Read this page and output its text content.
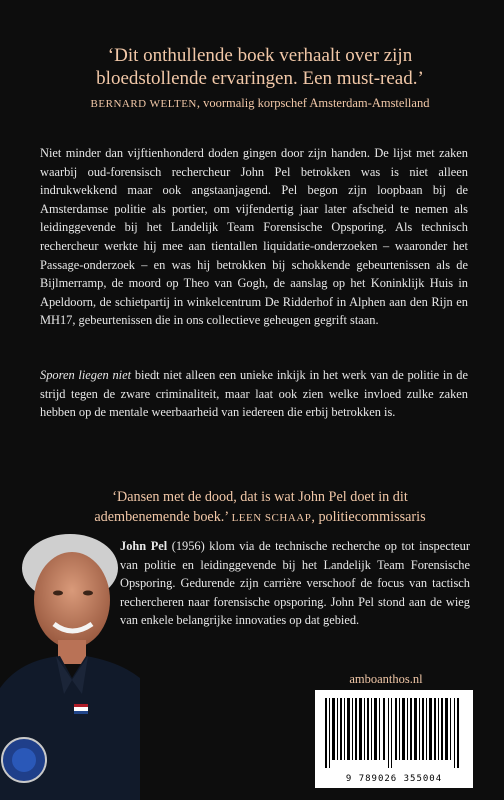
‘Dit onthullende boek verhaalt over zijn
bloedstollende ervaringen. Een must-read.’
BERNARD WELTEN, voormalig korpschef Amsterdam-Amstelland
Niet minder dan vijftienhonderd doden gingen door zijn handen. De lijst met zaken waarbij oud-forensisch rechercheur John Pel betrokken was is niet alleen indrukwekkend maar ook angstaanjagend. Pel begon zijn loopbaan bij de Amsterdamse politie als portier, om vijfendertig jaar later afscheid te nemen als leidinggevende bij het Landelijk Team Forensische Opsporing. Als technisch rechercheur werkte hij mee aan tientallen liquidatie-onderzoeken – waaronder het Passage-onderzoek – en was hij betrokken bij schokkende gebeurtenissen als de Bijlmerramp, de moord op Theo van Gogh, de aanslag op het Koninklijk Huis in Apeldoorn, de schietpartij in winkelcentrum De Ridderhof in Alphen aan den Rijn en MH17, gebeurtenissen die in ons collectieve geheugen gegrift staan.
Sporen liegen niet biedt niet alleen een unieke inkijk in het werk van de politie in de strijd tegen de zware criminaliteit, maar laat ook zien welke invloed zulke zaken hebben op de mentale weerbaarheid van iedereen die erbij betrokken is.
‘Dansen met de dood, dat is wat John Pel doet in dit
adembenemende boek.’ LEEN SCHAAP, politiecommissaris
John Pel (1956) klom via de technische recherche op tot inspecteur van politie en leidinggevende bij het Landelijk Team Forensische Opsporing. Gedurende zijn carrière verschoof de focus van tactisch rechercheren naar forensische opsporing. John Pel stond aan de wieg van enkele belangrijke innovaties op dat gebied.
amboanthos.nl
9 789026 355004
